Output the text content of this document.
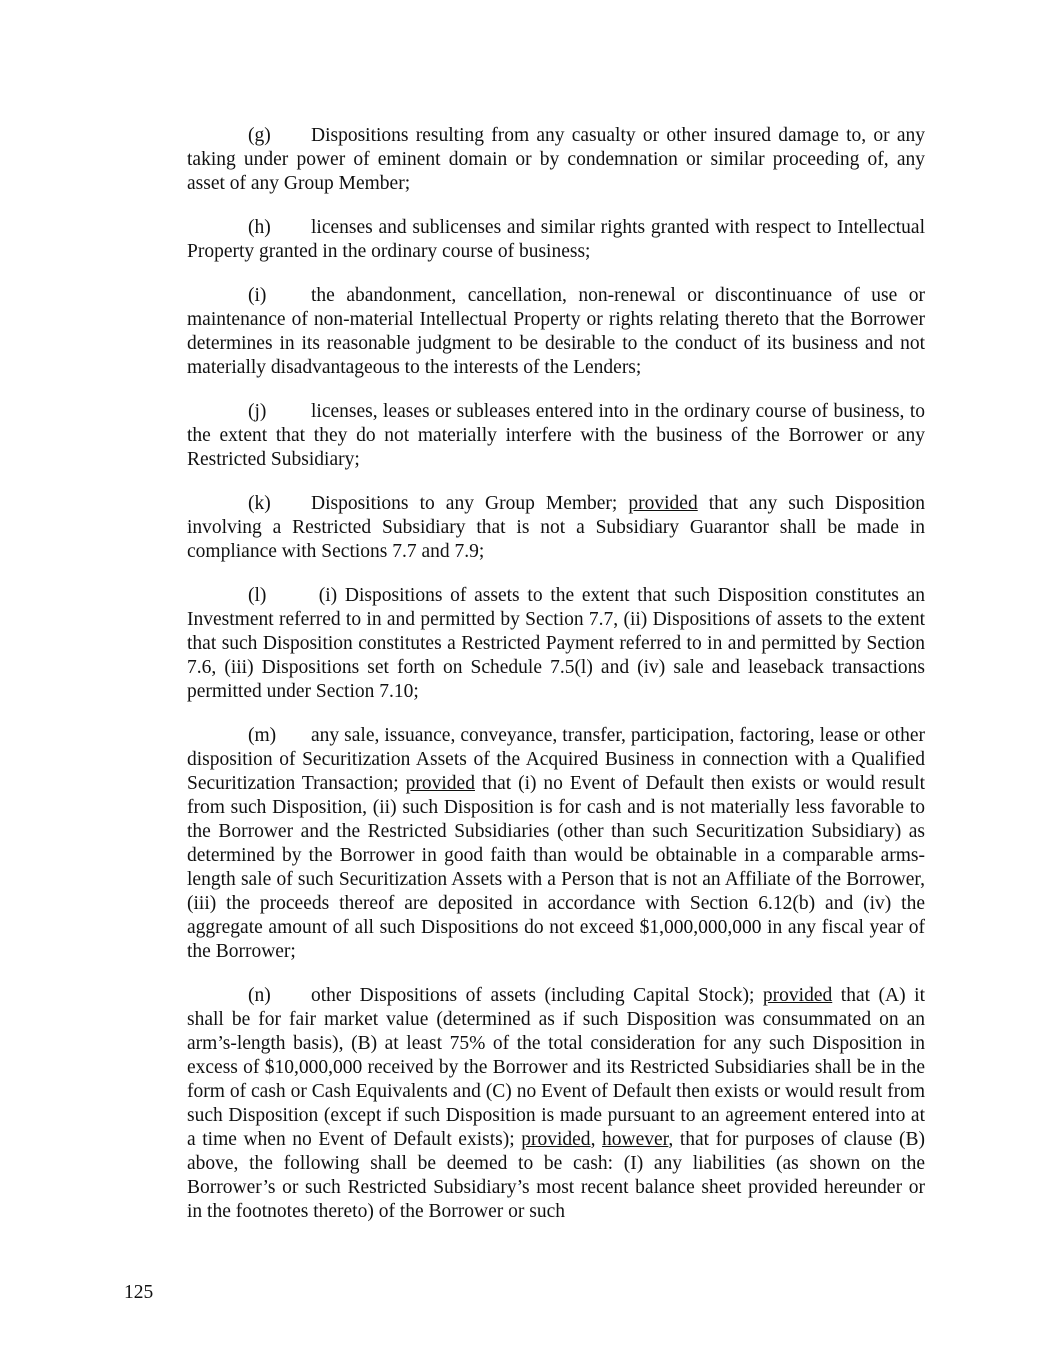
(g) Dispositions resulting from any casualty or other insured damage to, or any taking under power of eminent domain or by condemnation or similar proceeding of, any asset of any Group Member;

(h) licenses and sublicenses and similar rights granted with respect to Intellectual Property granted in the ordinary course of business;

(i) the abandonment, cancellation, non-renewal or discontinuance of use or maintenance of non-material Intellectual Property or rights relating thereto that the Borrower determines in its reasonable judgment to be desirable to the conduct of its business and not materially disadvantageous to the interests of the Lenders;

(j) licenses, leases or subleases entered into in the ordinary course of business, to the extent that they do not materially interfere with the business of the Borrower or any Restricted Subsidiary;

(k) Dispositions to any Group Member; provided that any such Disposition involving a Restricted Subsidiary that is not a Subsidiary Guarantor shall be made in compliance with Sections 7.7 and 7.9;

(l) (i) Dispositions of assets to the extent that such Disposition constitutes an Investment referred to in and permitted by Section 7.7, (ii) Dispositions of assets to the extent that such Disposition constitutes a Restricted Payment referred to in and permitted by Section 7.6, (iii) Dispositions set forth on Schedule 7.5(l) and (iv) sale and leaseback transactions permitted under Section 7.10;

(m) any sale, issuance, conveyance, transfer, participation, factoring, lease or other disposition of Securitization Assets of the Acquired Business in connection with a Qualified Securitization Transaction; provided that (i) no Event of Default then exists or would result from such Disposition, (ii) such Disposition is for cash and is not materially less favorable to the Borrower and the Restricted Subsidiaries (other than such Securitization Subsidiary) as determined by the Borrower in good faith than would be obtainable in a comparable arms-length sale of such Securitization Assets with a Person that is not an Affiliate of the Borrower, (iii) the proceeds thereof are deposited in accordance with Section 6.12(b) and (iv) the aggregate amount of all such Dispositions do not exceed $1,000,000,000 in any fiscal year of the Borrower;

(n) other Dispositions of assets (including Capital Stock); provided that (A) it shall be for fair market value (determined as if such Disposition was consummated on an arm’s-length basis), (B) at least 75% of the total consideration for any such Disposition in excess of $10,000,000 received by the Borrower and its Restricted Subsidiaries shall be in the form of cash or Cash Equivalents and (C) no Event of Default then exists or would result from such Disposition (except if such Disposition is made pursuant to an agreement entered into at a time when no Event of Default exists); provided, however, that for purposes of clause (B) above, the following shall be deemed to be cash: (I) any liabilities (as shown on the Borrower’s or such Restricted Subsidiary’s most recent balance sheet provided hereunder or in the footnotes thereto) of the Borrower or such

125
